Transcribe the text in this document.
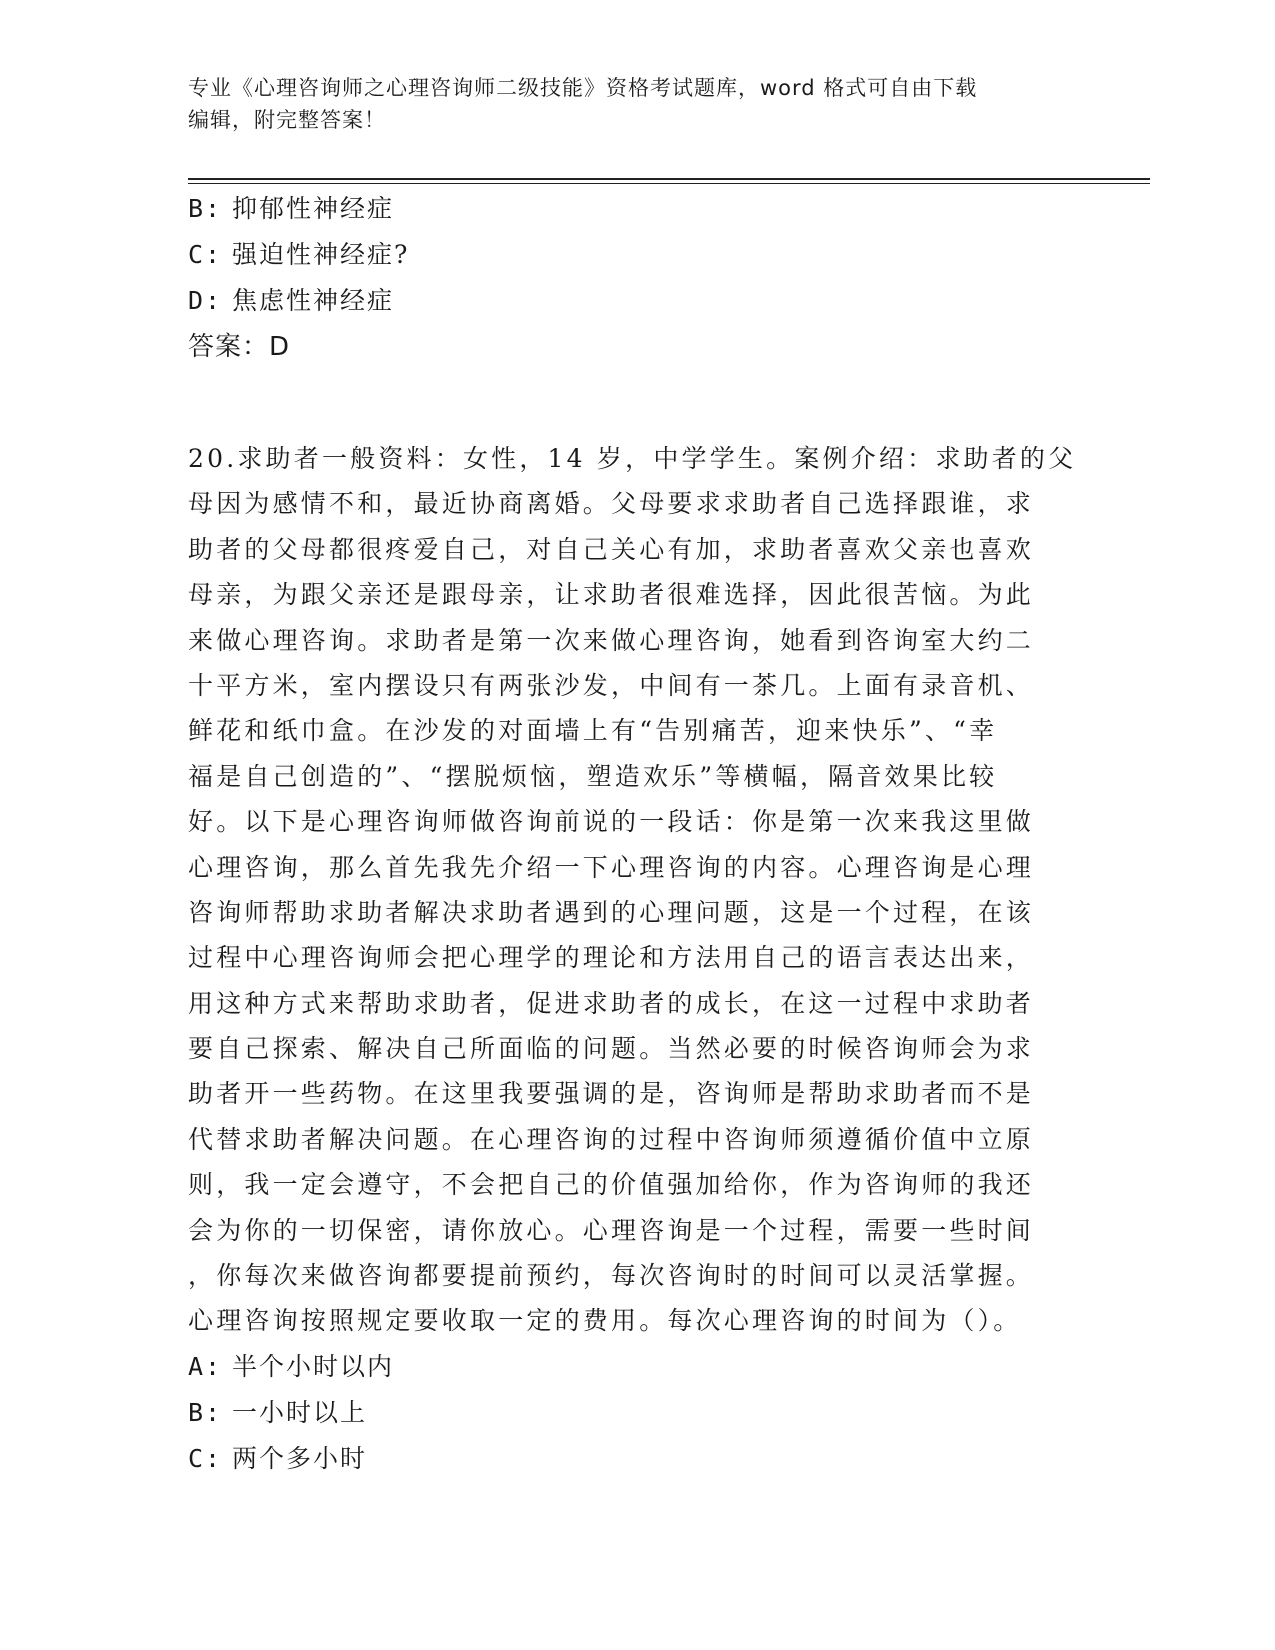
专业《心理咨询师之心理咨询师二级技能》资格考试题库，word 格式可自由下载
编辑，附完整答案！
B: 抑郁性神经症
C: 强迫性神经症?
D: 焦虑性神经症
答案：D
20.求助者一般资料：女性，14 岁，中学学生。案例介绍：求助者的父
母因为感情不和，最近协商离婚。父母要求求助者自己选择跟谁，求
助者的父母都很疼爱自己，对自己关心有加，求助者喜欢父亲也喜欢
母亲，为跟父亲还是跟母亲，让求助者很难选择，因此很苦恼。为此
来做心理咨询。求助者是第一次来做心理咨询，她看到咨询室大约二
十平方米，室内摆设只有两张沙发，中间有一茶几。上面有录音机、
鲜花和纸巾盒。在沙发的对面墙上有“告别痛苦，迎来快乐”、“幸
福是自己创造的”、“摆脱烦恼，塑造欢乐”等横幅，隔音效果比较
好。以下是心理咨询师做咨询前说的一段话：你是第一次来我这里做
心理咨询，那么首先我先介绍一下心理咨询的内容。心理咨询是心理
咨询师帮助求助者解决求助者遇到的心理问题，这是一个过程，在该
过程中心理咨询师会把心理学的理论和方法用自己的语言表达出来，
用这种方式来帮助求助者，促进求助者的成长，在这一过程中求助者
要自己探索、解决自己所面临的问题。当然必要的时候咨询师会为求
助者开一些药物。在这里我要强调的是，咨询师是帮助求助者而不是
代替求助者解决问题。在心理咨询的过程中咨询师须遵循价值中立原
则，我一定会遵守，不会把自己的价值强加给你，作为咨询师的我还
会为你的一切保密，请你放心。心理咨询是一个过程，需要一些时间
，你每次来做咨询都要提前预约，每次咨询时的时间可以灵活掌握。
心理咨询按照规定要收取一定的费用。每次心理咨询的时间为（）。
A: 半个小时以内
B: 一小时以上
C: 两个多小时
